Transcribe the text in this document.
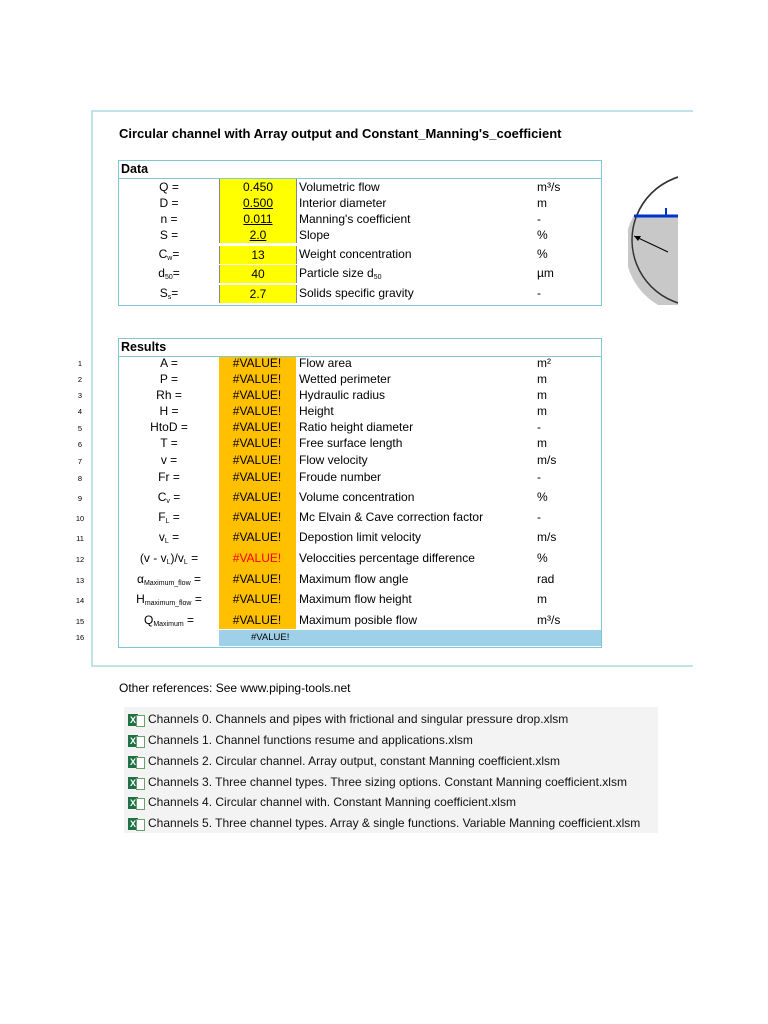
Circular channel with Array output and Constant_Manning's_coefficient
Data
Q =	0.450	Volumetric flow	m³/s
D =	0.500	Interior diameter	m
n =	0.011	Manning's coefficient	-
S =	2.0	Slope	%
$C_w=$	13	Weight concentration	%
$d_{50}=$	40	Particle size $d_{50}$	µm
$S_s=$	2.7	Solids specific gravity	-
Results
A =	#VALUE!	Flow area	m²
P =	#VALUE!	Wetted perimeter	m
Rh =	#VALUE!	Hydraulic radius	m
H =	#VALUE!	Height	m
HtoD =	#VALUE!	Ratio height diameter	-
T =	#VALUE!	Free surface length	m
v =	#VALUE!	Flow velocity	m/s
Fr =	#VALUE!	Froude number	-
$C_v$ =	#VALUE!	Volume concentration	%
$F_L$ =	#VALUE!	Mc Elvain & Cave correction factor	-
$v_L$ =	#VALUE!	Depostion limit velocity	m/s
$(v - v_L)/v_L$ =	#VALUE!	Veloccities percentage difference	%
$\alpha_{Maximum\_flow}$ =	#VALUE!	Maximum flow angle	rad
$H_{maximum\_flow}$ =	#VALUE!	Maximum flow height	m
$Q_{Maximum}$ =	#VALUE!	Maximum posible flow	m³/s
#VALUE!
1
2
3
4
5
6
7
8
9
10
11
12
13
14
15
16
Other references: See www.piping-tools.net
X Channels 0. Channels and pipes with frictional and singular pressure drop.xlsm
X Channels 1. Channel functions resume and applications.xlsm
X Channels 2. Circular channel. Array output, constant Manning coefficient.xlsm
X Channels 3. Three channel types. Three sizing options. Constant Manning coefficient.xlsm
X Channels 4. Circular channel with. Constant Manning coefficient.xlsm
X Channels 5. Three channel types. Array & single functions. Variable Manning coefficient.xlsm
